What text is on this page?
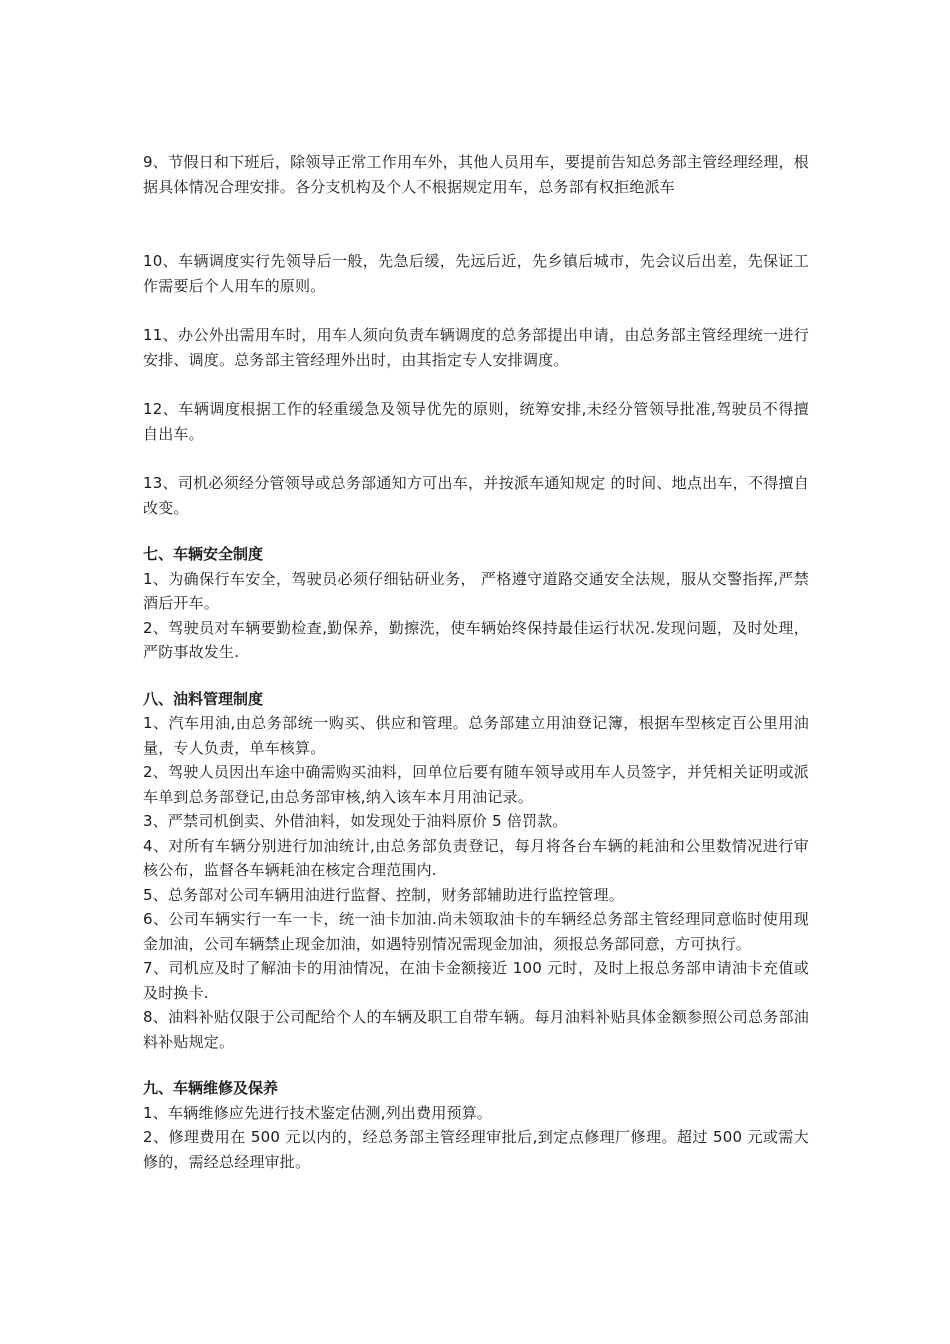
9、节假日和下班后，除领导正常工作用车外，其他人员用车，要提前告知总务部主管经理经理，根据具体情况合理安排。各分支机构及个人不根据规定用车，总务部有权拒绝派车

10、车辆调度实行先领导后一般，先急后缓，先远后近，先乡镇后城市，先会议后出差，先保证工作需要后个人用车的原则。

11、办公外出需用车时，用车人须向负责车辆调度的总务部提出申请，由总务部主管经理统一进行安排、调度。总务部主管经理外出时，由其指定专人安排调度。

12、车辆调度根据工作的轻重缓急及领导优先的原则，统筹安排,未经分管领导批准,驾驶员不得擅自出车。

13、司机必须经分管领导或总务部通知方可出车，并按派车通知规定 的时间、地点出车，不得擅自改变。

七、车辆安全制度

1、为确保行车安全，驾驶员必须仔细钻研业务， 严格遵守道路交通安全法规，服从交警指挥,严禁酒后开车。

2、驾驶员对车辆要勤检查,勤保养，勤擦洗，使车辆始终保持最佳运行状况.发现问题，及时处理，严防事故发生.

八、油料管理制度

1、汽车用油,由总务部统一购买、供应和管理。总务部建立用油登记簿，根据车型核定百公里用油量，专人负责，单车核算。

2、驾驶人员因出车途中确需购买油料，回单位后要有随车领导或用车人员签字，并凭相关证明或派车单到总务部登记,由总务部审核,纳入该车本月用油记录。

3、严禁司机倒卖、外借油料，如发现处于油料原价 5 倍罚款。

4、对所有车辆分别进行加油统计,由总务部负责登记，每月将各台车辆的耗油和公里数情况进行审核公布，监督各车辆耗油在核定合理范围内.

5、总务部对公司车辆用油进行监督、控制，财务部辅助进行监控管理。

6、公司车辆实行一车一卡，统一油卡加油.尚未领取油卡的车辆经总务部主管经理同意临时使用现金加油，公司车辆禁止现金加油，如遇特别情况需现金加油，须报总务部同意，方可执行。

7、司机应及时了解油卡的用油情况，在油卡金额接近 100 元时，及时上报总务部申请油卡充值或及时换卡.

8、油料补贴仅限于公司配给个人的车辆及职工自带车辆。每月油料补贴具体金额参照公司总务部油料补贴规定。

九、车辆维修及保养

1、车辆维修应先进行技术鉴定估测,列出费用预算。

2、修理费用在 500 元以内的，经总务部主管经理审批后,到定点修理厂修理。超过 500 元或需大修的，需经总经理审批。
